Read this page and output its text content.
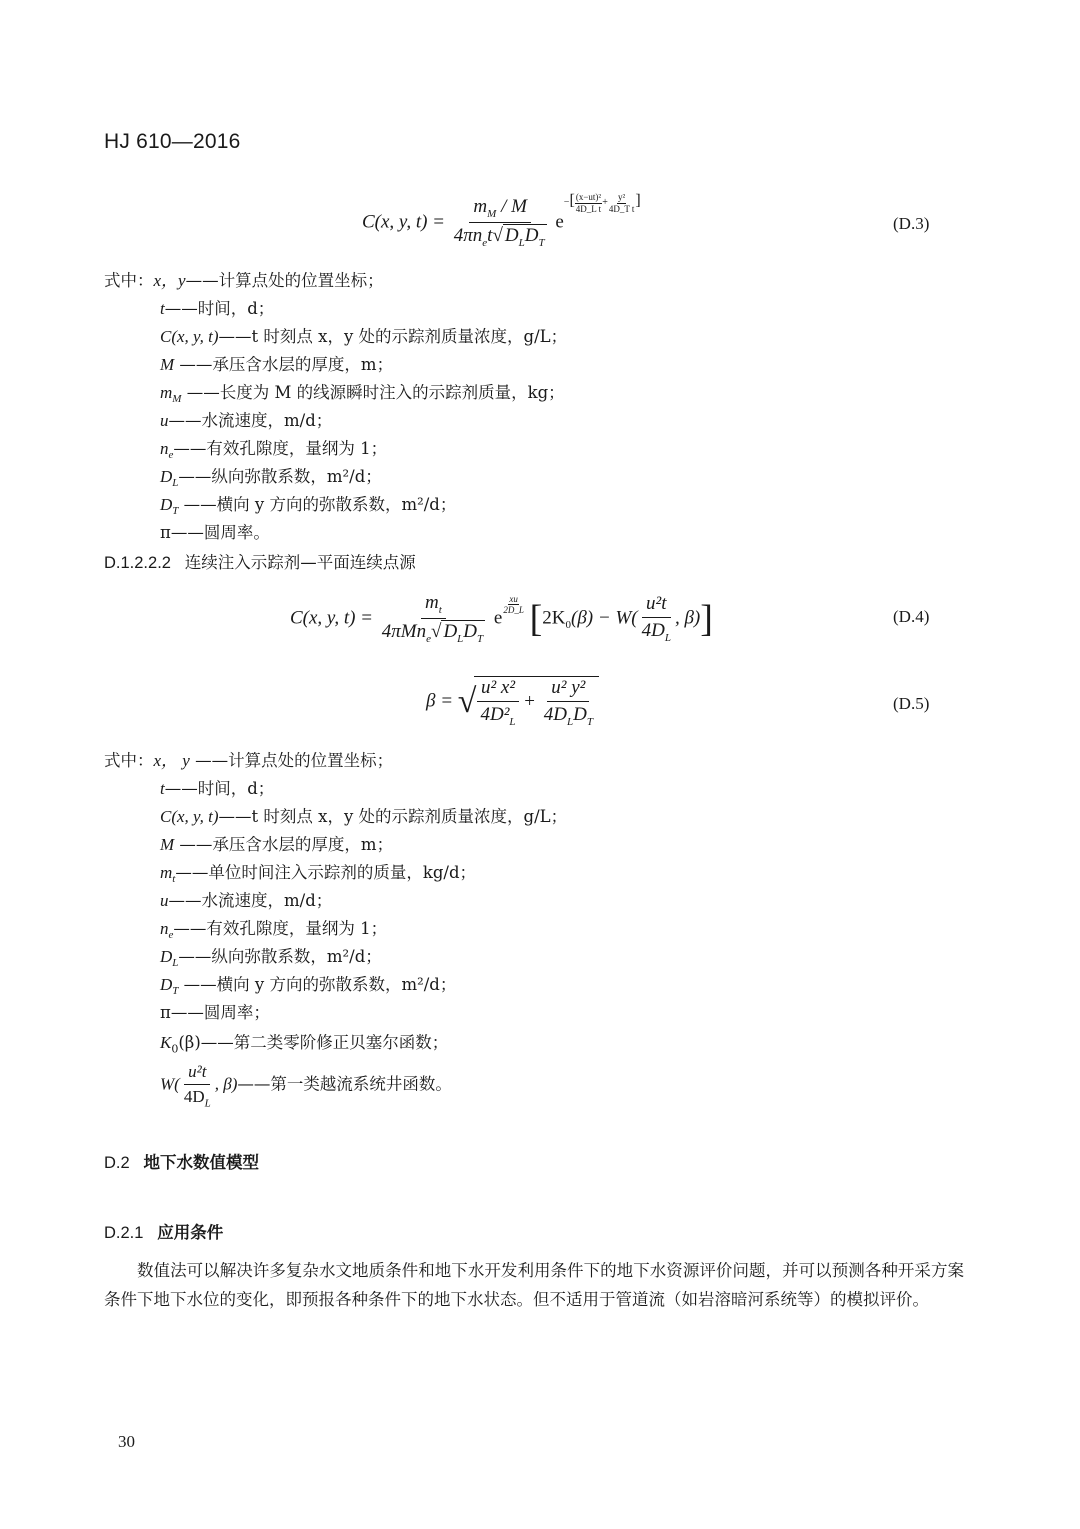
HJ 610—2016
C(x, y, $t) = \frac{m_M / M}{4\pi n_et√ D_LD_T} e^{-[ \frac{\text{(x−ut)²}}{\text{4D\_L t}} + \frac{\text{y²}}{\text{4D\_T t}} ]}$
(D.3)
式中：x，y——计算点处的位置坐标；
t——时间，d；
C(x, y, t)——t 时刻点 x，y 处的示踪剂质量浓度，g/L；
M ——承压含水层的厚度，m；
$m_M$ ——长度为 M 的线源瞬时注入的示踪剂质量，kg；
u——水流速度，m/d；
$n_e——$有效孔隙度，量纲为 1；
$D_L——$纵向弥散系数，m²/d；
$D_T$ ——横向 y 方向的弥散系数，m²/d；
π——圆周率。
D.1.2.2.2 连续注入示踪剂—平面连续点源
C(x, y, $t) = \frac{m_t}{4\pi Mn_e√ D_LD_T}$ e
$\frac{xu}{2D\_L} [2K_0(\beta) - W( \frac{\text{u²t}}{4D_L}$ , β)]	(D.4)
β = √ $\frac{\text{u² x²}}{4D^2_L} + \frac{\text{u² y²}}{4D_LD_T}$	(D.5)
式中：x， y ——计算点处的位置坐标；
t——时间，d；
C(x, y, t)——t 时刻点 x，y 处的示踪剂质量浓度，g/L；
M ——承压含水层的厚度，m；
$m_t——$单位时间注入示踪剂的质量，kg/d；
u——水流速度，m/d；
$n_e——$有效孔隙度，量纲为 1；
$D_L——$纵向弥散系数，m²/d；
$D_T$ ——横向 y 方向的弥散系数，m²/d；
π——圆周率；
$K_0(\beta)——$第二类零阶修正贝塞尔函数；
$W( \frac{\text{u²t}}{4D_L}$ , β)——第一类越流系统井函数。
D.2 地下水数值模型
D.2.1 应用条件
数值法可以解决许多复杂水文地质条件和地下水开发利用条件下的地下水资源评价问题，并可以预测各种开采方案条件下地下水位的变化，即预报各种条件下的地下水状态。但不适用于管道流（如岩溶暗河系统等）的模拟评价。
30
